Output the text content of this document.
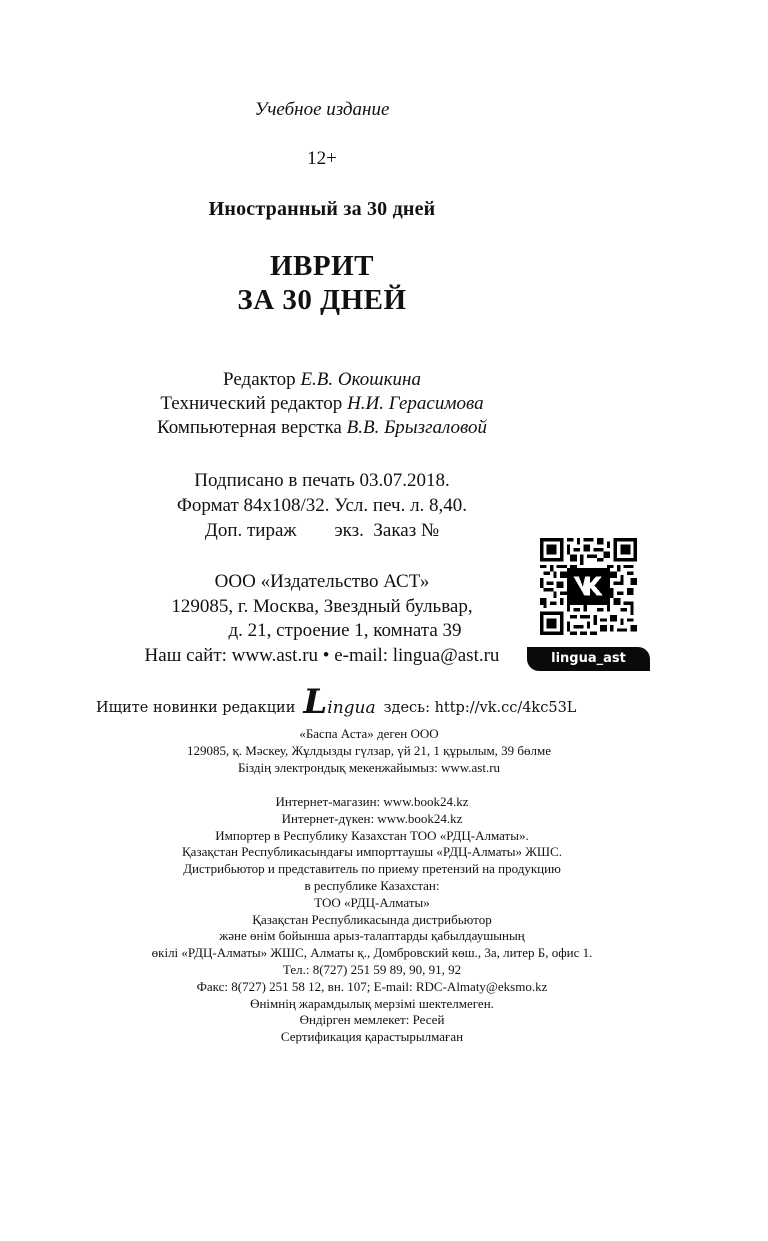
Учебное издание
12+
Иностранный за 30 дней
ИВРИТ
ЗА 30 ДНЕЙ
Редактор Е.В. Окошкина
Технический редактор Н.И. Герасимова
Компьютерная верстка В.В. Брызгаловой
Подписано в печать 03.07.2018.
Формат 84x108/32. Усл. печ. л. 8,40.
Доп. тираж        экз.  Заказ №
ООО «Издательство АСТ»
129085, г. Москва, Звездный бульвар,
д. 21, строение 1, комната 39
Наш сайт: www.ast.ru • e-mail: lingua@ast.ru	lingua_ast
Ищите новинки редакции Lingua здесь: http://vk.cc/4kc53L
«Баспа Аста» деген ООО
129085, қ. Мәскеу, Жұлдызды гүлзар, үй 21, 1 құрылым, 39 бөлме
Біздің электрондық мекенжайымыз: www.ast.ru
Интернет-магазин: www.book24.kz
Интернет-дүкен: www.book24.kz
Импортер в Республику Казахстан ТОО «РДЦ-Алматы».
Қазақстан Республикасындағы импорттаушы «РДЦ-Алматы» ЖШС.
Дистрибьютор и представитель по приему претензий на продукцию
в республике Казахстан:
ТОО «РДЦ-Алматы»
Қазақстан Республикасында дистрибьютор
және өнім бойынша арыз-талаптарды қабылдаушының
өкілі «РДЦ-Алматы» ЖШС, Алматы қ., Домбровский көш., 3а, литер Б, офис 1.
Тел.: 8(727) 251 59 89, 90, 91, 92
Факс: 8(727) 251 58 12, вн. 107; E-mail: RDC-Almaty@eksmo.kz
Өнімнің жарамдылық мерзімі шектелмеген.
Өндірген мемлекет: Ресей
Сертификация қарастырылмаған
